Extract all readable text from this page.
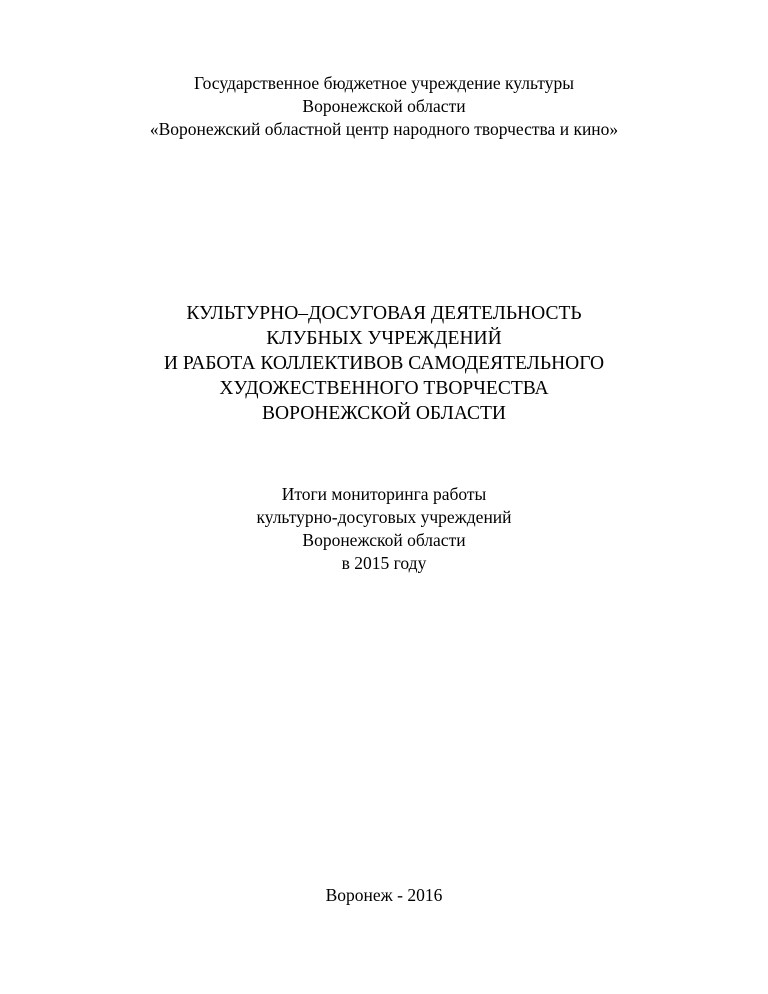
Государственное бюджетное учреждение культуры
Воронежской области
«Воронежский областной центр народного творчества и кино»
КУЛЬТУРНО–ДОСУГОВАЯ ДЕЯТЕЛЬНОСТЬ
КЛУБНЫХ УЧРЕЖДЕНИЙ
И РАБОТА КОЛЛЕКТИВОВ САМОДЕЯТЕЛЬНОГО
ХУДОЖЕСТВЕННОГО ТВОРЧЕСТВА
ВОРОНЕЖСКОЙ ОБЛАСТИ
Итоги мониторинга работы
культурно-досуговых учреждений
Воронежской области
в 2015 году
Воронеж - 2016
